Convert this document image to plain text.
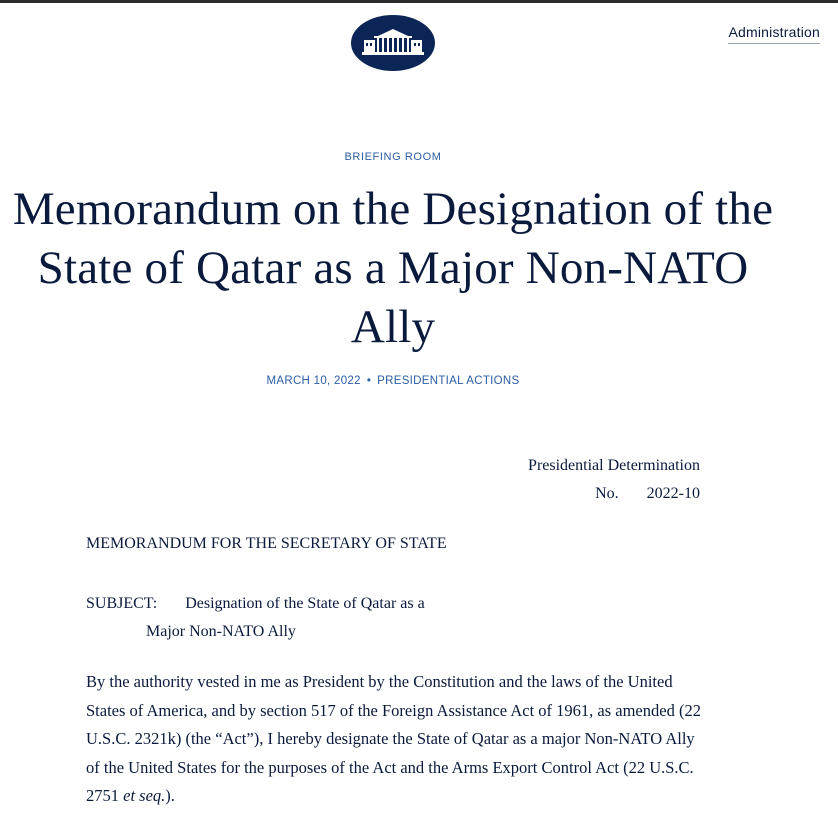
Administration
BRIEFING ROOM
Memorandum on the Designation of the State of Qatar as a Major Non-NATO Ally
MARCH 10, 2022 • PRESIDENTIAL ACTIONS
Presidential Determination
No. 2022-10
MEMORANDUM FOR THE SECRETARY OF STATE
SUBJECT: Designation of the State of Qatar as a
Major Non-NATO Ally

By the authority vested in me as President by the Constitution and the laws of the United States of America, and by section 517 of the Foreign Assistance Act of 1961, as amended (22 U.S.C. 2321k) (the “Act”), I hereby designate the State of Qatar as a major Non-NATO Ally of the United States for the purposes of the Act and the Arms Export Control Act (22 U.S.C. 2751 et seq.).
